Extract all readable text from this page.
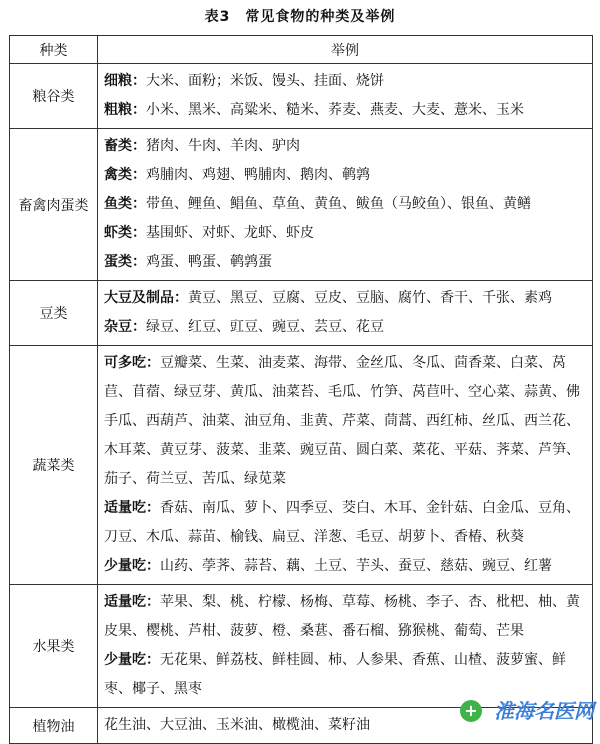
表3　常见食物的种类及举例
种类	举例
粮谷类	细粮：大米、面粉；米饭、馒头、挂面、烧饼
粗粮：小米、黑米、高粱米、糙米、荞麦、燕麦、大麦、薏米、玉米

畜禽肉蛋类	畜类：猪肉、牛肉、羊肉、驴肉
禽类：鸡脯肉、鸡翅、鸭脯肉、鹅肉、鹌鹑
鱼类：带鱼、鲤鱼、鲳鱼、草鱼、黄鱼、鲅鱼（马鲛鱼）、银鱼、黄鳝
虾类：基围虾、对虾、龙虾、虾皮
蛋类：鸡蛋、鸭蛋、鹌鹑蛋

豆类	大豆及制品：黄豆、黑豆、豆腐、豆皮、豆脑、腐竹、香干、千张、素鸡
杂豆：绿豆、红豆、豇豆、豌豆、芸豆、花豆

蔬菜类	可多吃：豆瓣菜、生菜、油麦菜、海带、金丝瓜、冬瓜、茴香菜、白菜、莴苣、苜蓿、绿豆芽、黄瓜、油菜苔、毛瓜、竹笋、莴苣叶、空心菜、蒜黄、佛手瓜、西葫芦、油菜、油豆角、韭黄、芹菜、茼蒿、西红柿、丝瓜、西兰花、木耳菜、黄豆芽、菠菜、韭菜、豌豆苗、圆白菜、菜花、平菇、荠菜、芦笋、茄子、荷兰豆、苦瓜、绿苋菜
适量吃：香菇、南瓜、萝卜、四季豆、茭白、木耳、金针菇、白金瓜、豆角、刀豆、木瓜、蒜苗、榆钱、扁豆、洋葱、毛豆、胡萝卜、香椿、秋葵
少量吃：山药、荸荠、蒜苔、藕、土豆、芋头、蚕豆、慈菇、豌豆、红薯

水果类	适量吃：苹果、梨、桃、柠檬、杨梅、草莓、杨桃、李子、杏、枇杷、柚、黄皮果、樱桃、芦柑、菠萝、橙、桑葚、番石榴、猕猴桃、葡萄、芒果
少量吃：无花果、鲜荔枝、鲜桂圆、柿、人参果、香蕉、山楂、菠萝蜜、鲜枣、椰子、黑枣

植物油	花生油、大豆油、玉米油、橄榄油、菜籽油
+ 淮海名医网
